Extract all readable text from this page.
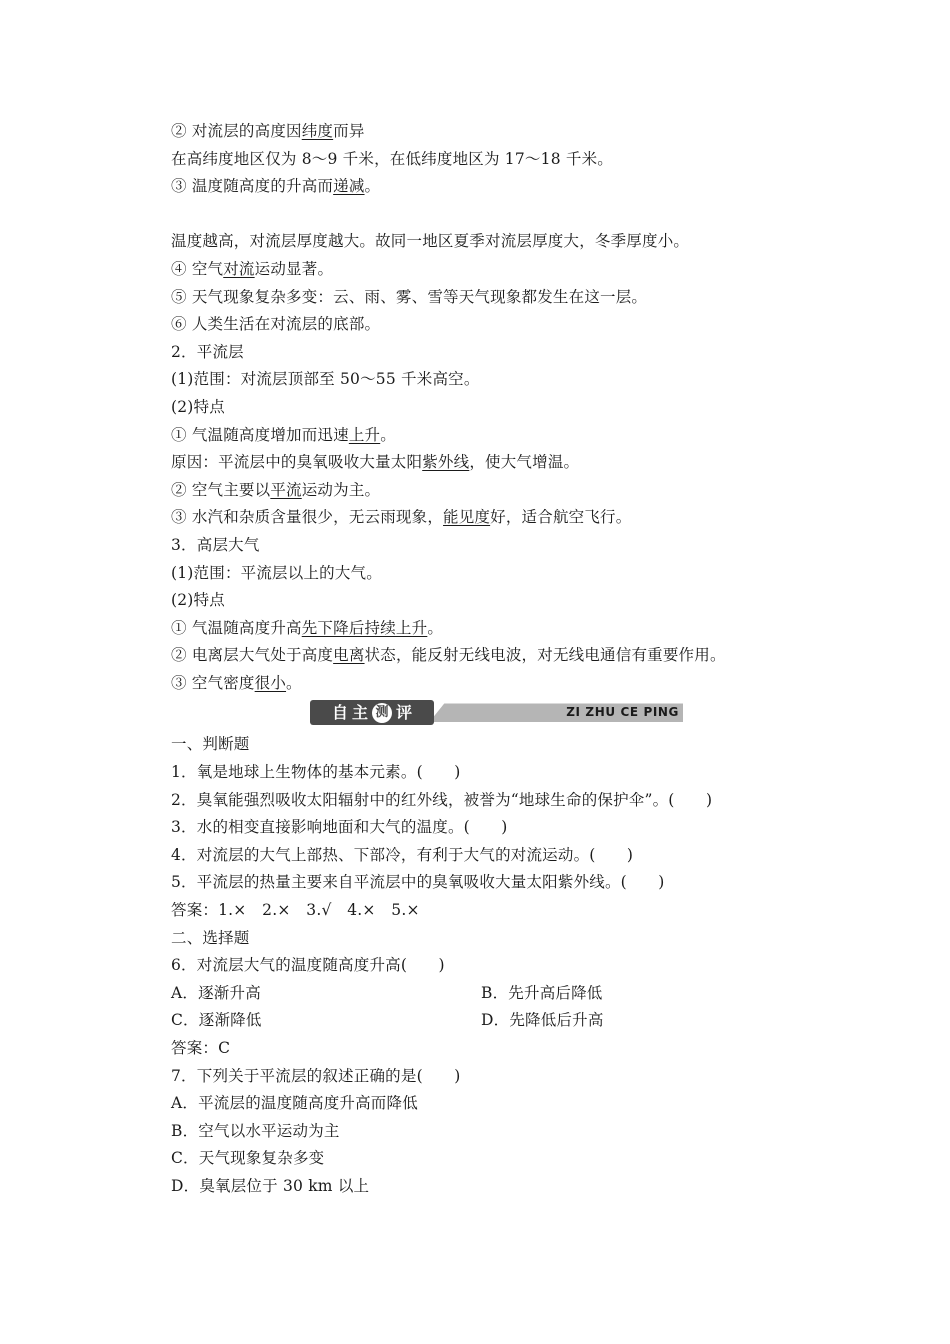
② 对流层的高度因纬度而异
在高纬度地区仅为 8～9 千米，在低纬度地区为 17～18 千米。
③ 温度随高度的升高而递减。
温度越高，对流层厚度越大。故同一地区夏季对流层厚度大，冬季厚度小。
④ 空气对流运动显著。
⑤ 天气现象复杂多变：云、雨、雾、雪等天气现象都发生在这一层。
⑥ 人类生活在对流层的底部。
2．平流层
(1)范围：对流层顶部至 50～55 千米高空。
(2)特点
① 气温随高度增加而迅速上升。
原因：平流层中的臭氧吸收大量太阳紫外线，使大气增温。
② 空气主要以平流运动为主。
③ 水汽和杂质含量很少，无云雨现象，能见度好，适合航空飞行。
3．高层大气
(1)范围：平流层以上的大气。
(2)特点
① 气温随高度升高先下降后持续上升。
② 电离层大气处于高度电离状态，能反射无线电波，对无线电通信有重要作用。
③ 空气密度很小。
ZI ZHU CE PING
自 主 测 评
一、判断题
1．氧是地球上生物体的基本元素。(　　)
2．臭氧能强烈吸收太阳辐射中的红外线，被誉为“地球生命的保护伞”。(　　)
3．水的相变直接影响地面和大气的温度。(　　)
4．对流层的大气上部热、下部冷，有利于大气的对流运动。(　　)
5．平流层的热量主要来自平流层中的臭氧吸收大量太阳紫外线。(　　)
答案：1.×　2.×　3.√　4.×　5.×
二、选择题
6．对流层大气的温度随高度升高(　　)
A．逐渐升高	B．先升高后降低
C．逐渐降低	D．先降低后升高
答案：C
7．下列关于平流层的叙述正确的是(　　)
A．平流层的温度随高度升高而降低
B．空气以水平运动为主
C．天气现象复杂多变
D．臭氧层位于 30 km 以上
